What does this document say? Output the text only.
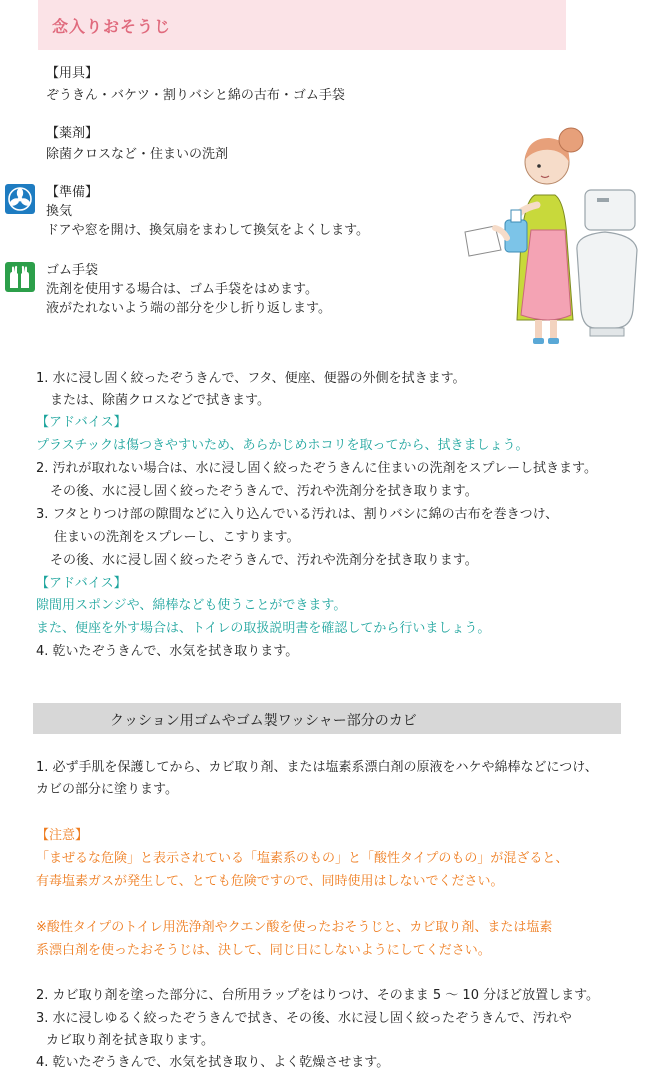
念入りおそうじ
【用具】
ぞうきん・バケツ・割りバシと綿の古布・ゴム手袋
【薬剤】
除菌クロスなど・住まいの洗剤
【準備】
換気
ドアや窓を開け、換気扇をまわして換気をよくします。
ゴム手袋
洗剤を使用する場合は、ゴム手袋をはめます。
液がたれないよう端の部分を少し折り返します。
1. 水に浸し固く絞ったぞうきんで、フタ、便座、便器の外側を拭きます。
または、除菌クロスなどで拭きます。
【アドバイス】
プラスチックは傷つきやすいため、あらかじめホコリを取ってから、拭きましょう。
2. 汚れが取れない場合は、水に浸し固く絞ったぞうきんに住まいの洗剤をスプレーし拭きます。
その後、水に浸し固く絞ったぞうきんで、汚れや洗剤分を拭き取ります。
3. フタとりつけ部の隙間などに入り込んでいる汚れは、割りバシに綿の古布を巻きつけ、
住まいの洗剤をスプレーし、こすります。
その後、水に浸し固く絞ったぞうきんで、汚れや洗剤分を拭き取ります。
【アドバイス】
隙間用スポンジや、綿棒なども使うことができます。
また、便座を外す場合は、トイレの取扱説明書を確認してから行いましょう。
4. 乾いたぞうきんで、水気を拭き取ります。
クッション用ゴムやゴム製ワッシャー部分のカビ
1. 必ず手肌を保護してから、カビ取り剤、または塩素系漂白剤の原液をハケや綿棒などにつけ、
カビの部分に塗ります。
【注意】
「まぜるな危険」と表示されている「塩素系のもの」と「酸性タイプのもの」が混ざると、
有毒塩素ガスが発生して、とても危険ですので、同時使用はしないでください。
※酸性タイプのトイレ用洗浄剤やクエン酸を使ったおそうじと、カビ取り剤、または塩素
系漂白剤を使ったおそうじは、決して、同じ日にしないようにしてください。
2. カビ取り剤を塗った部分に、台所用ラップをはりつけ、そのまま 5 ～ 10 分ほど放置します。
3. 水に浸しゆるく絞ったぞうきんで拭き、その後、水に浸し固く絞ったぞうきんで、汚れや
カビ取り剤を拭き取ります。
4. 乾いたぞうきんで、水気を拭き取り、よく乾燥させます。
